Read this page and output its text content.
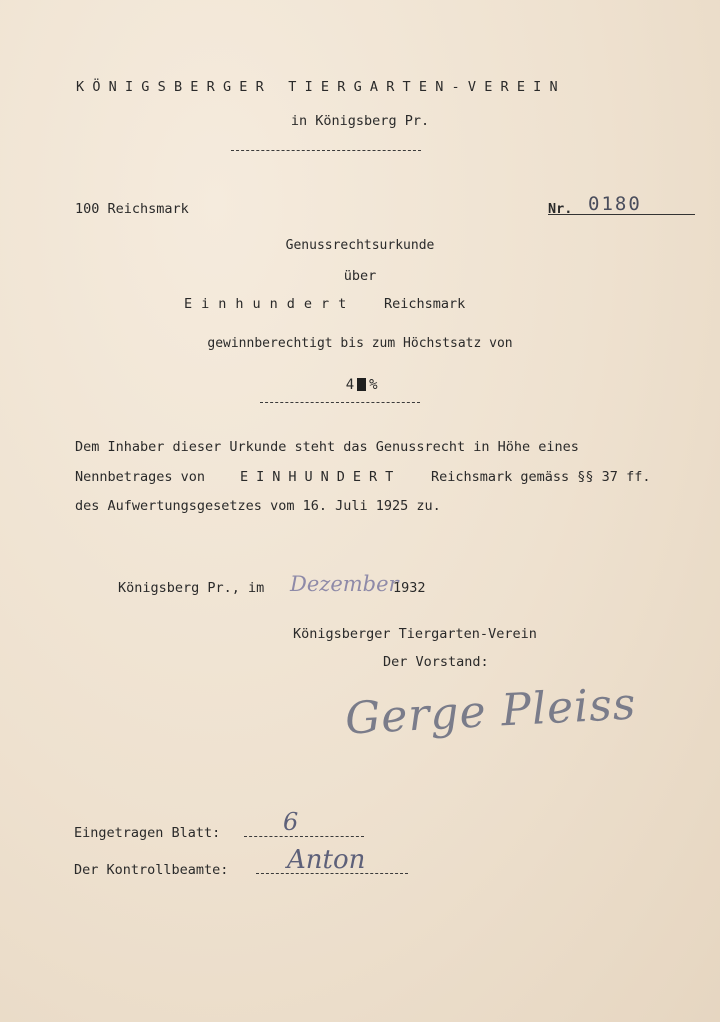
KÖNIGSBERGER TIERGARTEN-VEREIN
in Königsberg Pr.
100 Reichsmark	Nr. 0180
Genussrechtsurkunde
über
Einhundert Reichsmark
gewinnberechtigt bis zum Höchstsatz von

4 %

Dem Inhaber dieser Urkunde steht das Genussrecht in Höhe eines
Nennbetrages von	EINHUNDERT Reichsmark gemäss §§ 37 ff.
des Aufwertungsgesetzes vom 16. Juli 1925 zu.
Königsberg Pr., im Dezember
1932
Königsberger Tiergarten-Verein
Der Vorstand:
Gerge Pleiss
Eingetragen Blatt:	6
Der Kontrollbeamte: Anton
